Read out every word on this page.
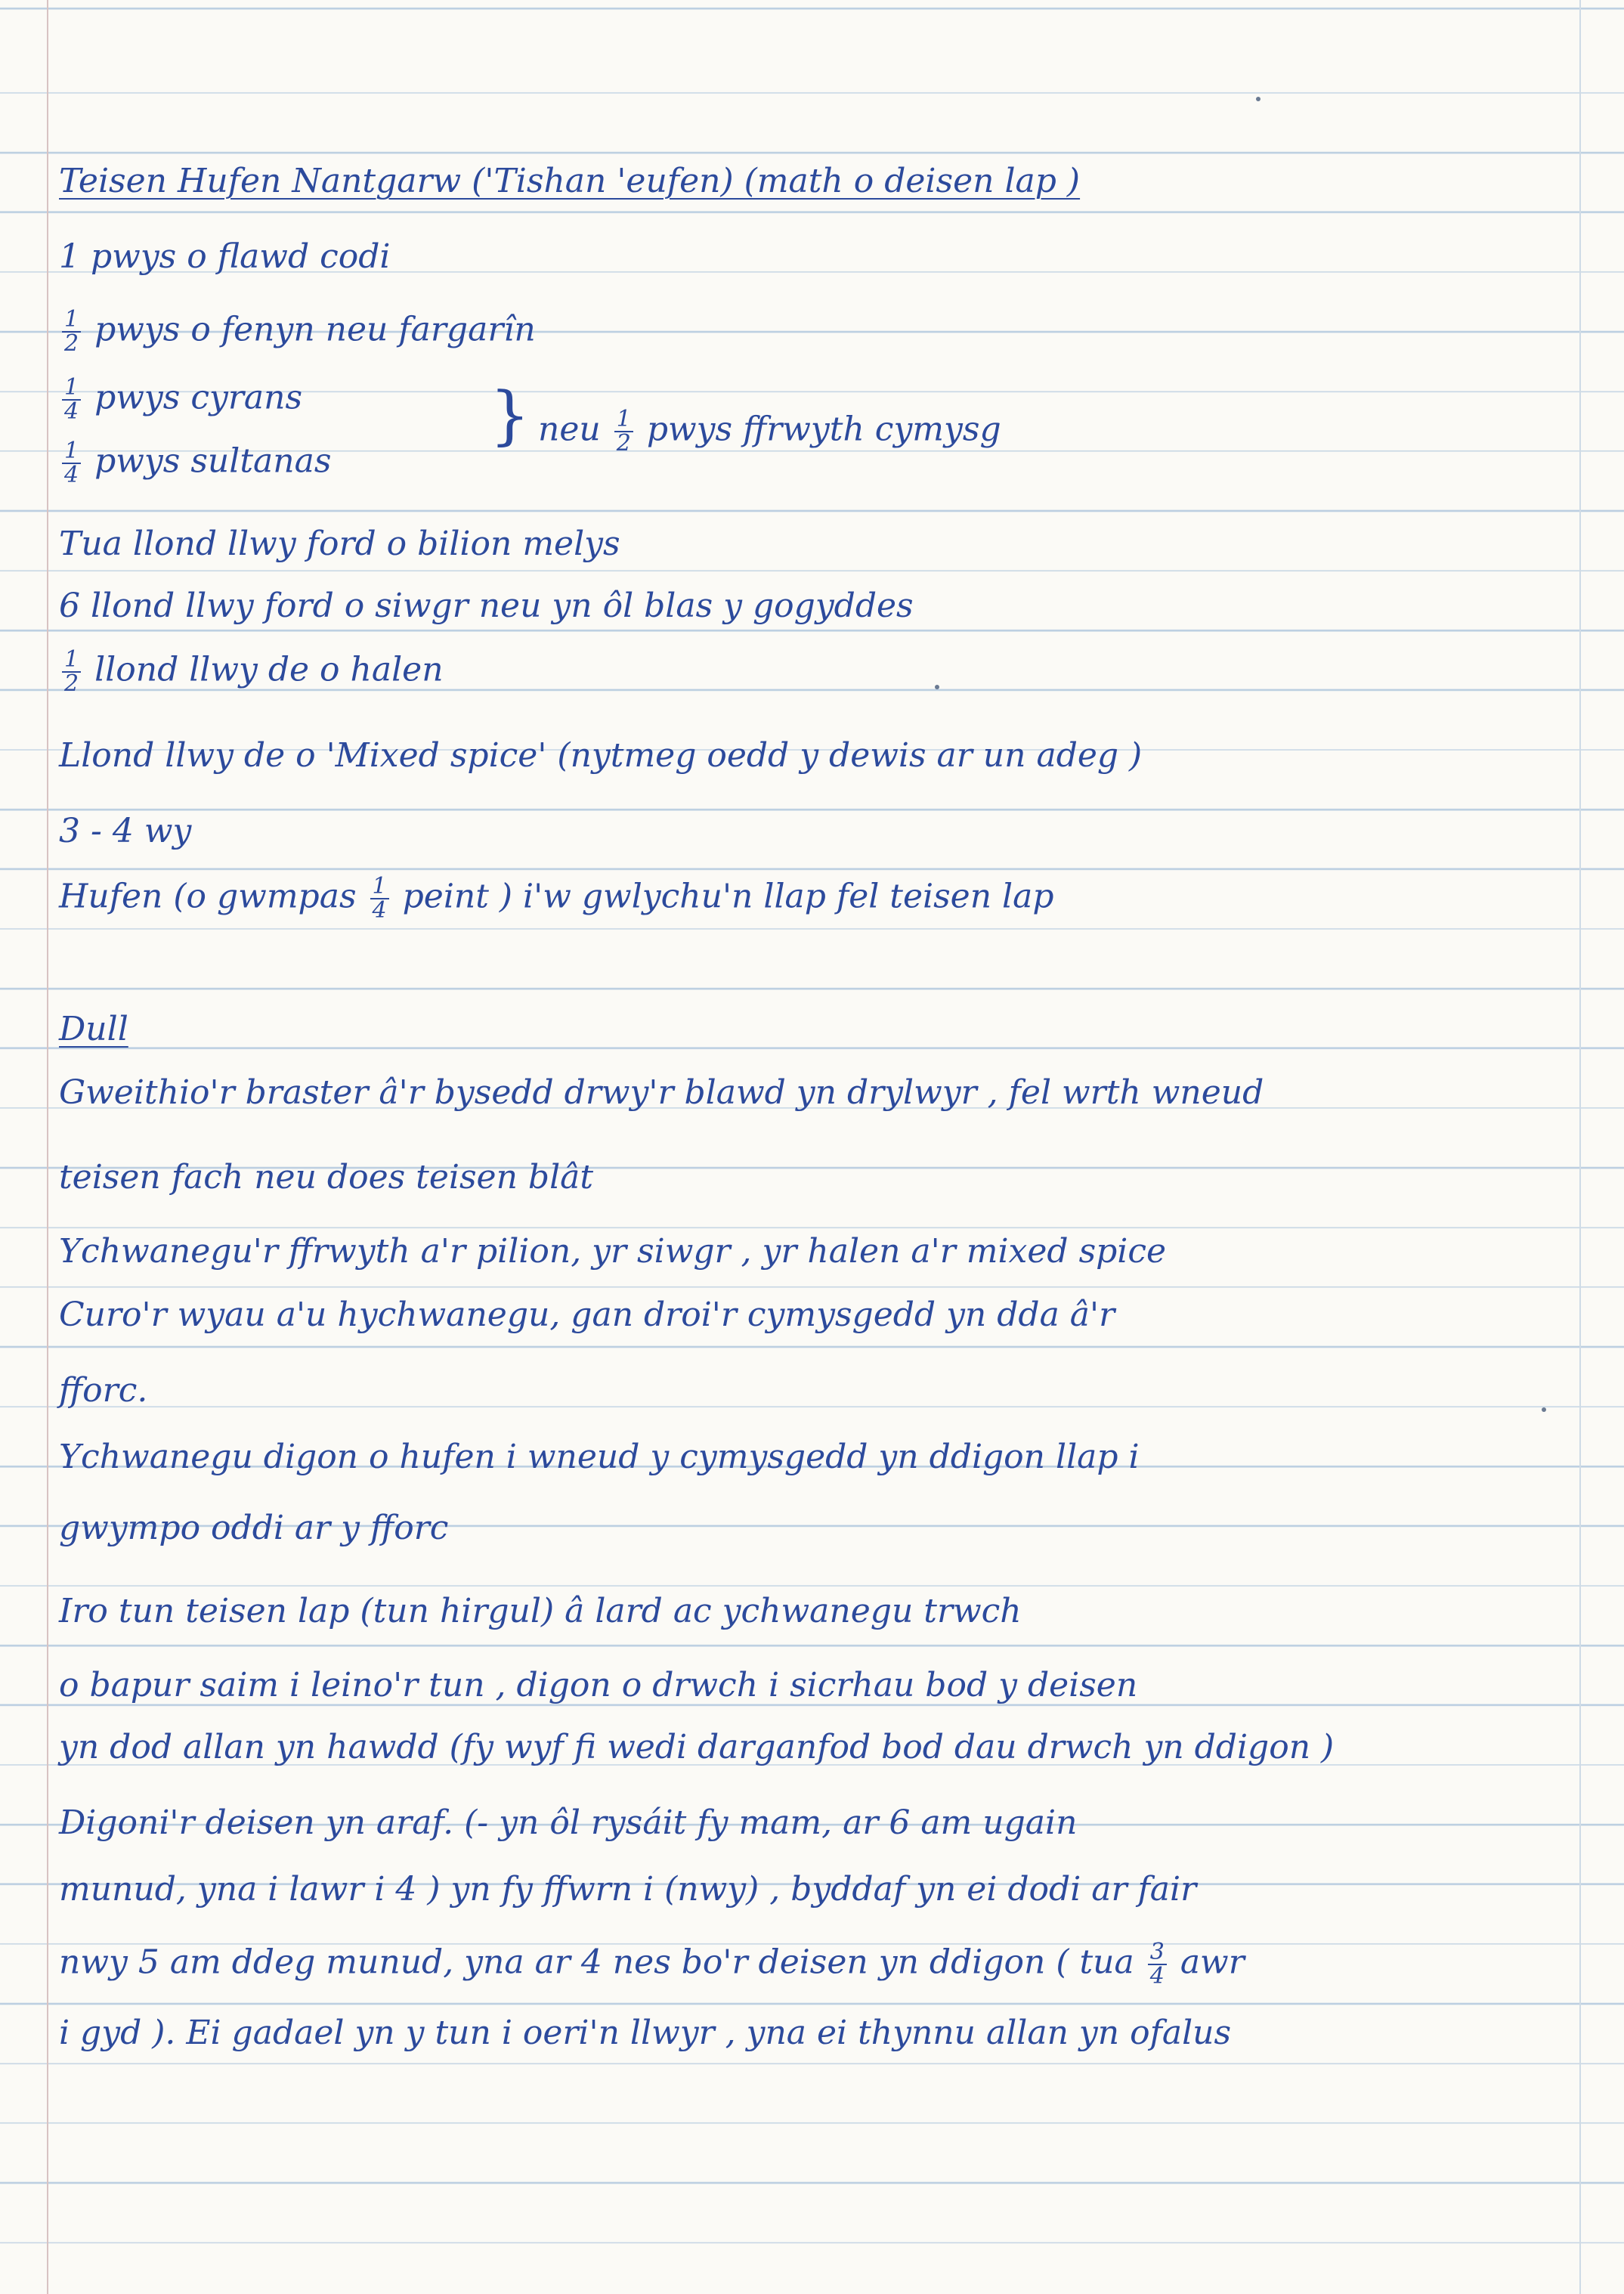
Teisen Hufen Nantgarw ('Tishan 'eufen) (math o deisen lap )
1 pwys o flawd codi
$\frac{1}{2}$ pwys o fenyn neu fargarîn
$\frac{1}{4}$ pwys cyrans
$\frac{1}{4}$ pwys sultanas
} neu $\frac{1}{2}$ pwys ffrwyth cymysg
Tua llond llwy ford o bilion melys
6 llond llwy ford o siwgr neu yn ôl blas y gogyddes
$\frac{1}{2}$ llond llwy de o halen
Llond llwy de o 'Mixed spice' (nytmeg oedd y dewis ar un adeg )
3 - 4 wy
Hufen (o gwmpas $\frac{1}{4}$ peint ) i'w gwlychu'n llap fel teisen lap
Dull
Gweithio'r braster â'r bysedd drwy'r blawd yn drylwyr , fel wrth wneud
teisen fach neu does teisen blât
Ychwanegu'r ffrwyth a'r pilion, yr siwgr , yr halen a'r mixed spice
Curo'r wyau a'u hychwanegu, gan droi'r cymysgedd yn dda â'r
fforc.
Ychwanegu digon o hufen i wneud y cymysgedd yn ddigon llap i
gwympo oddi ar y fforc
Iro tun teisen lap (tun hirgul) â lard ac ychwanegu trwch
o bapur saim i leino'r tun , digon o drwch i sicrhau bod y deisen
yn dod allan yn hawdd (fy wyf fi wedi darganfod bod dau drwch yn ddigon )
Digoni'r deisen yn araf. (- yn ôl rysáit fy mam, ar 6 am ugain
munud, yna i lawr i 4 ) yn fy ffwrn i (nwy) , byddaf yn ei dodi ar fair
nwy 5 am ddeg munud, yna ar 4 nes bo'r deisen yn ddigon ( tua $\frac{3}{4}$ awr
i gyd ). Ei gadael yn y tun i oeri'n llwyr , yna ei thynnu allan yn ofalus
